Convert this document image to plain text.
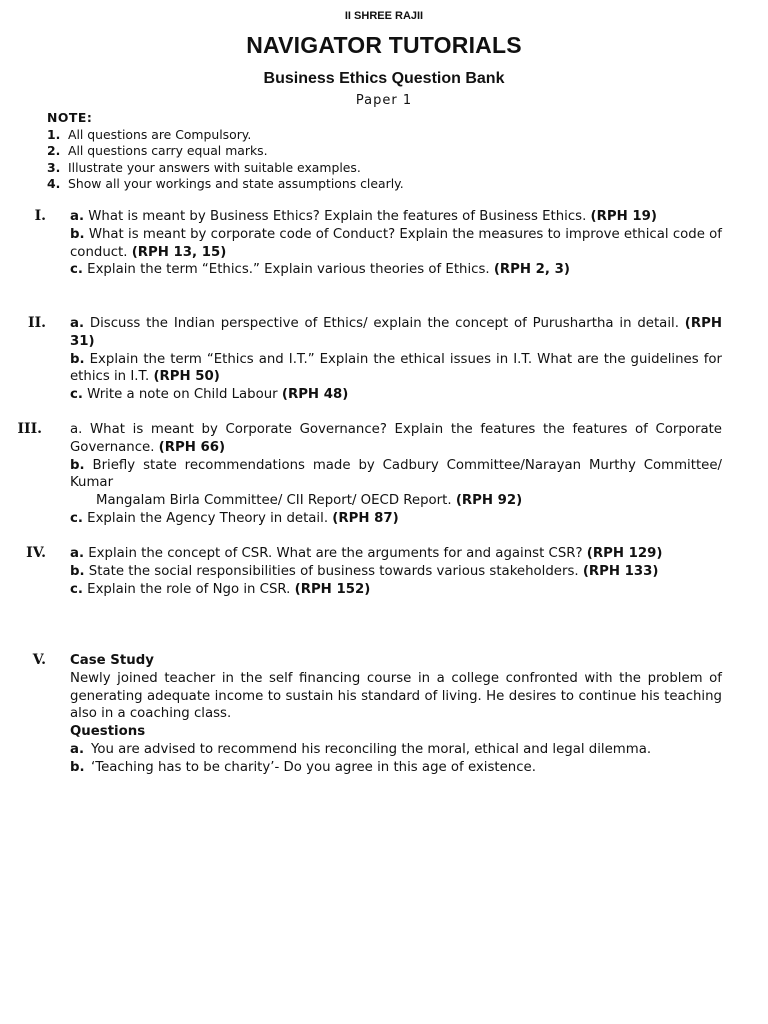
II SHREE RAJII
NAVIGATOR TUTORIALS
Business Ethics Question Bank
Paper 1
NOTE:
1. All questions are Compulsory.
2. All questions carry equal marks.
3. Illustrate your answers with suitable examples.
4. Show all your workings and state assumptions clearly.
I. a. What is meant by Business Ethics? Explain the features of Business Ethics. (RPH 19)
b. What is meant by corporate code of Conduct? Explain the measures to improve ethical code of conduct. (RPH 13, 15)
c. Explain the term “Ethics.” Explain various theories of Ethics. (RPH 2, 3)
II. a. Discuss the Indian perspective of Ethics/ explain the concept of Purushartha in detail. (RPH 31)
b. Explain the term “Ethics and I.T.” Explain the ethical issues in I.T. What are the guidelines for ethics in I.T. (RPH 50)
c. Write a note on Child Labour (RPH 48)
III. a. What is meant by Corporate Governance? Explain the features the features of Corporate Governance. (RPH 66)
b. Briefly state recommendations made by Cadbury Committee/Narayan Murthy Committee/ Kumar
Mangalam Birla Committee/ CII Report/ OECD Report. (RPH 92)
c. Explain the Agency Theory in detail. (RPH 87)
IV. a. Explain the concept of CSR. What are the arguments for and against CSR? (RPH 129)
b. State the social responsibilities of business towards various stakeholders. (RPH 133)
c. Explain the role of Ngo in CSR. (RPH 152)
V. Case Study
Newly joined teacher in the self financing course in a college confronted with the problem of generating adequate income to sustain his standard of living. He desires to continue his teaching also in a coaching class.
Questions
a. You are advised to recommend his reconciling the moral, ethical and legal dilemma.
b. ‘Teaching has to be charity’- Do you agree in this age of existence.
